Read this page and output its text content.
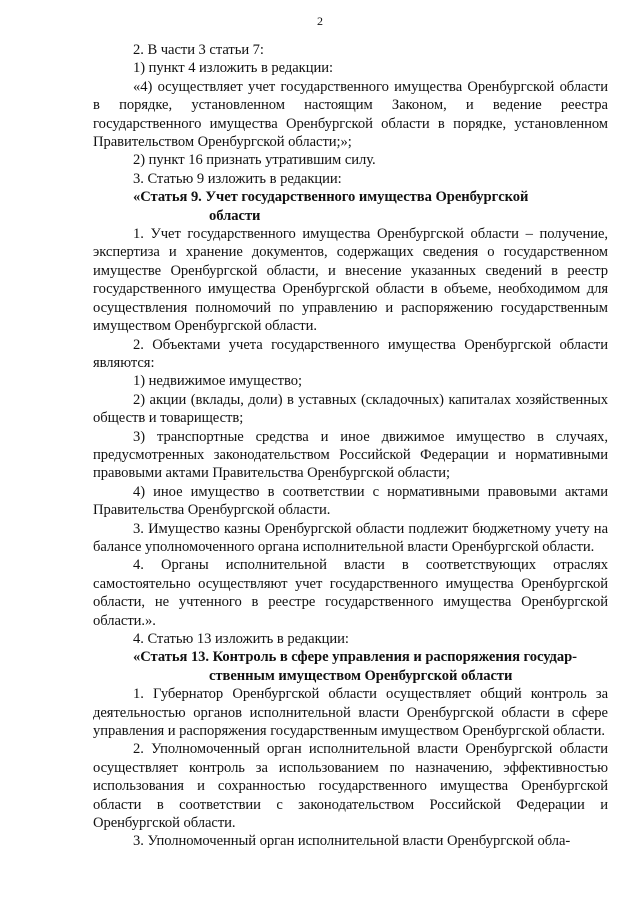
2

2. В части 3 статьи 7:

1) пункт 4 изложить в редакции:

«4) осуществляет учет государственного имущества Оренбургской области в порядке, установленном настоящим Законом, и ведение реестра государственного имущества Оренбургской области в порядке, установленном Правительством Оренбургской области;»;

2) пункт 16 признать утратившим силу.

3. Статью 9 изложить в редакции:

«Статья 9. Учет государственного имущества Оренбургской
области

1. Учет государственного имущества Оренбургской области – получение, экспертиза и хранение документов, содержащих сведения о государственном имуществе Оренбургской области, и внесение указанных сведений в реестр государственного имущества Оренбургской области в объеме, необходимом для осуществления полномочий по управлению и распоряжению государственным имуществом Оренбургской области.

2. Объектами учета государственного имущества Оренбургской области являются:

1) недвижимое имущество;

2) акции (вклады, доли) в уставных (складочных) капиталах хозяйственных обществ и товариществ;

3) транспортные средства и иное движимое имущество в случаях, предусмотренных законодательством Российской Федерации и нормативными правовыми актами Правительства Оренбургской области;

4) иное имущество в соответствии с нормативными правовыми актами Правительства Оренбургской области.

3. Имущество казны Оренбургской области подлежит бюджетному учету на балансе уполномоченного органа исполнительной власти Оренбургской области.

4. Органы исполнительной власти в соответствующих отраслях самостоятельно осуществляют учет государственного имущества Оренбургской области, не учтенного в реестре государственного имущества Оренбургской области.».

4. Статью 13 изложить в редакции:

«Статья 13. Контроль в сфере управления и распоряжения государ-
ственным имуществом Оренбургской области

1. Губернатор Оренбургской области осуществляет общий контроль за деятельностью органов исполнительной власти Оренбургской области в сфере управления и распоряжения государственным имуществом Оренбургской области.

2. Уполномоченный орган исполнительной власти Оренбургской области осуществляет контроль за использованием по назначению, эффективностью использования и сохранностью государственного имущества Оренбургской области в соответствии с законодательством Российской Федерации и Оренбургской области.

3. Уполномоченный орган исполнительной власти Оренбургской обла-
